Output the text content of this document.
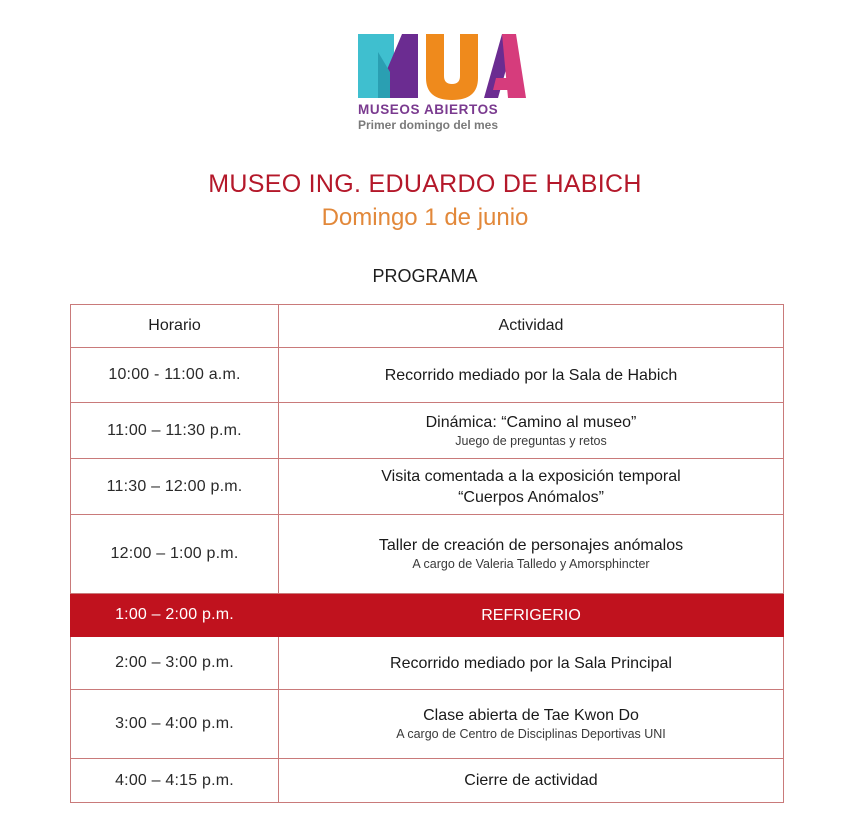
MUSEOS ABIERTOS
Primer domingo del mes
MUSEO ING. EDUARDO DE HABICH
Domingo 1 de junio
PROGRAMA
Horario	Actividad
10:00 - 11:00 a.m.	Recorrido mediado por la Sala de Habich

11:00 – 11:30 p.m.	Dinámica: “Camino al museo”
Juego de preguntas y retos

11:30 – 12:00 p.m.	Visita comentada a la exposición temporal
“Cuerpos Anómalos”

12:00 – 1:00 p.m.	Taller de creación de personajes anómalos
A cargo de Valeria Talledo y Amorsphincter

1:00 – 2:00 p.m.	REFRIGERIO

2:00 – 3:00 p.m.	Recorrido mediado por la Sala Principal

3:00 – 4:00 p.m.	Clase abierta de Tae Kwon Do
A cargo de Centro de Disciplinas Deportivas UNI

4:00 – 4:15 p.m.	Cierre de actividad
